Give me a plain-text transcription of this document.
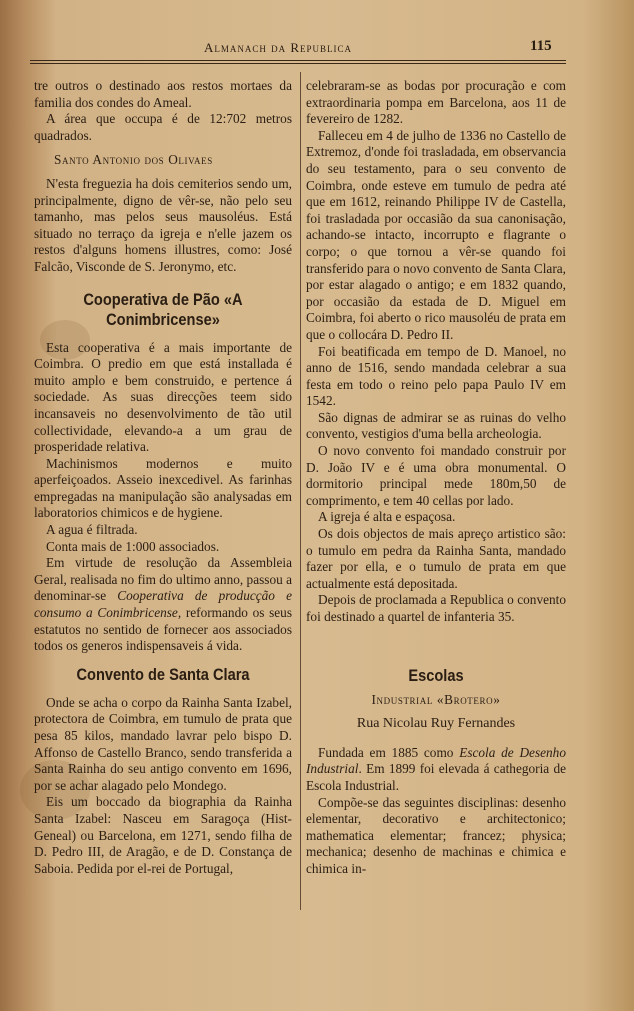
Almanach da Republica	115

tre outros o destinado aos restos mortaes da familia dos condes do Ameal.

A área que occupa é de 12:702 metros quadrados.

Santo Antonio dos Olivaes

N'esta freguezia ha dois cemiterios sendo um, principalmente, digno de vêr-se, não pelo seu tamanho, mas pelos seus mausoléus. Está situado no terraço da igreja e n'elle jazem os restos d'alguns homens illustres, como: José Falcão, Visconde de S. Jeronymo, etc.

Cooperativa de Pão «A Conimbricense»

Esta cooperativa é a mais importante de Coimbra. O predio em que está installada é muito amplo e bem construido, e pertence á sociedade. As suas direcções teem sido incansaveis no desenvolvimento de tão util collectividade, elevando-a a um grau de prosperidade relativa.

Machinismos modernos e muito aperfeiçoados. Asseio inexcedivel. As farinhas empregadas na manipulação são analysadas em laboratorios chimicos e de hygiene.

A agua é filtrada.

Conta mais de 1:000 associados.

Em virtude de resolução da Assembleia Geral, realisada no fim do ultimo anno, passou a denominar-se Cooperativa de producção e consumo a Conimbricense, reformando os seus estatutos no sentido de fornecer aos associados todos os generos indispensaveis á vida.

Convento de Santa Clara

Onde se acha o corpo da Rainha Santa Izabel, protectora de Coimbra, em tumulo de prata que pesa 85 kilos, mandado lavrar pelo bispo D. Affonso de Castello Branco, sendo transferida a Santa Rainha do seu antigo convento em 1696, por se achar alagado pelo Mondego.

Eis um boccado da biographia da Rainha Santa Izabel: Nasceu em Saragoça (Hist-Geneal) ou Barcelona, em 1271, sendo filha de D. Pedro III, de Aragão, e de D. Constança de Saboia. Pedida por el-rei de Portugal,

celebraram-se as bodas por procuração e com extraordinaria pompa em Barcelona, aos 11 de fevereiro de 1282.

Falleceu em 4 de julho de 1336 no Castello de Extremoz, d'onde foi trasladada, em observancia do seu testamento, para o seu convento de Coimbra, onde esteve em tumulo de pedra até que em 1612, reinando Philippe IV de Castella, foi trasladada por occasião da sua canonisação, achando-se intacto, incorrupto e flagrante o corpo; o que tornou a vêr-se quando foi transferido para o novo convento de Santa Clara, por estar alagado o antigo; e em 1832 quando, por occasião da estada de D. Miguel em Coimbra, foi aberto o rico mausoléu de prata em que o collocára D. Pedro II.

Foi beatificada em tempo de D. Manoel, no anno de 1516, sendo mandada celebrar a sua festa em todo o reino pelo papa Paulo IV em 1542.

São dignas de admirar se as ruinas do velho convento, vestigios d'uma bella archeologia.

O novo convento foi mandado construir por D. João IV e é uma obra monumental. O dormitorio principal mede 180m,50 de comprimento, e tem 40 cellas por lado.

A igreja é alta e espaçosa.

Os dois objectos de mais apreço artistico são: o tumulo em pedra da Rainha Santa, mandado fazer por ella, e o tumulo de prata em que actualmente está depositada.

Depois de proclamada a Republica o convento foi destinado a quartel de infanteria 35.

Escolas

Industrial «Brotero»

Rua Nicolau Ruy Fernandes

Fundada em 1885 como Escola de Desenho Industrial. Em 1899 foi elevada á cathegoria de Escola Industrial.

Compõe-se das seguintes disciplinas: desenho elementar, decorativo e architectonico; mathematica elementar; francez; physica; mechanica; desenho de machinas e chimica e chimica in-
